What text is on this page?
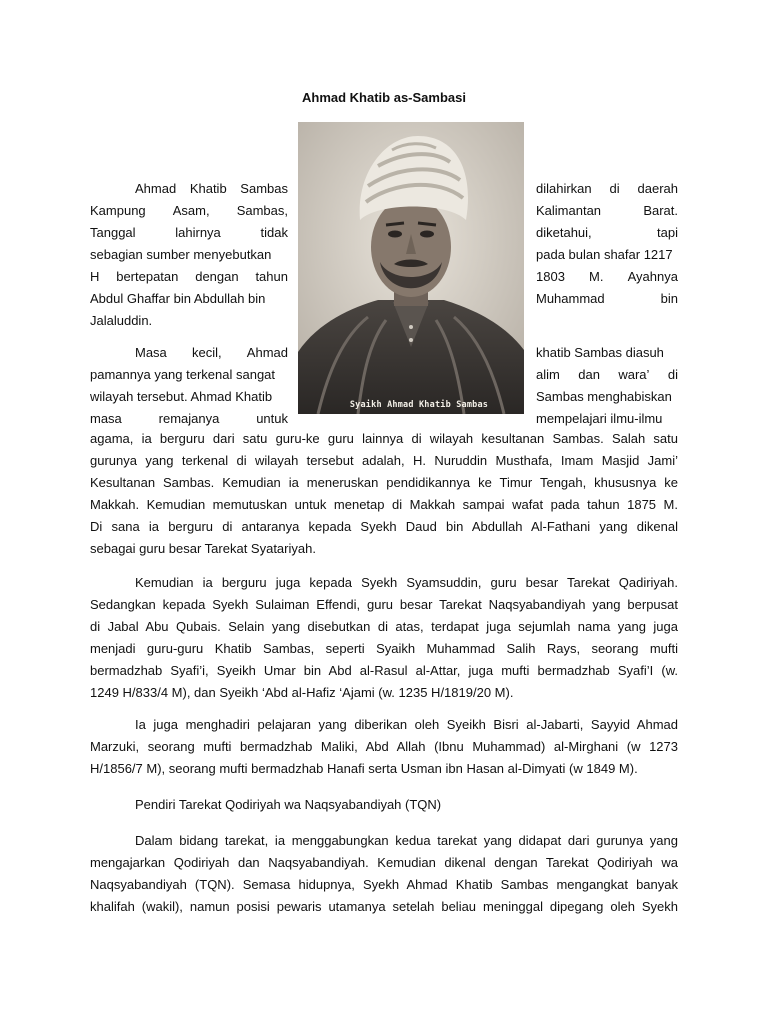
Ahmad Khatib as-Sambasi
Syaikh Ahmad Khatib Sambas
Ahmad Khatib Sambas
Kampung Asam, Sambas,
Tanggal	lahirnya	tidak
sebagian sumber menyebutkan
H bertepatan dengan tahun
Abdul Ghaffar bin Abdullah bin
Jalaluddin.
Masa kecil, Ahmad
pamannya yang terkenal sangat
wilayah tersebut. Ahmad Khatib
masa	remajanya	untuk
dilahirkan di daerah
Kalimantan	Barat.
diketahui,	tapi
pada bulan shafar 1217
1803 M. Ayahnya
Muhammad	bin
khatib Sambas diasuh
alim dan wara’ di
Sambas menghabiskan
mempelajari ilmu-ilmu
agama, ia berguru dari satu guru-ke guru lainnya di wilayah kesultanan Sambas. Salah satu
gurunya yang terkenal di wilayah tersebut adalah, H. Nuruddin Musthafa, Imam Masjid Jami’
Kesultanan Sambas. Kemudian ia meneruskan pendidikannya ke Timur Tengah, khususnya ke
Makkah. Kemudian memutuskan untuk menetap di Makkah sampai wafat pada tahun 1875 M.
Di sana ia berguru di antaranya kepada Syekh Daud bin Abdullah Al-Fathani yang dikenal
sebagai guru besar Tarekat Syatariyah.
Kemudian ia berguru juga kepada Syekh Syamsuddin, guru besar Tarekat Qadiriyah.
Sedangkan kepada Syekh Sulaiman Effendi, guru besar Tarekat Naqsyabandiyah yang berpusat
di Jabal Abu Qubais. Selain yang disebutkan di atas, terdapat juga sejumlah nama yang juga
menjadi guru-guru Khatib Sambas, seperti Syaikh Muhammad Salih Rays, seorang mufti
bermadzhab Syafi’i, Syeikh Umar bin Abd al-Rasul al-Attar, juga mufti bermadzhab Syafi’I (w.
1249 H/833/4 M), dan Syeikh ‘Abd al-Hafiz ‘Ajami (w. 1235 H/1819/20 M).
Ia juga menghadiri pelajaran yang diberikan oleh Syeikh Bisri al-Jabarti, Sayyid Ahmad
Marzuki, seorang mufti bermadzhab Maliki, Abd Allah (Ibnu Muhammad) al-Mirghani (w 1273
H/1856/7 M), seorang mufti bermadzhab Hanafi serta Usman ibn Hasan al-Dimyati (w 1849 M).
Pendiri Tarekat Qodiriyah wa Naqsyabandiyah (TQN)
Dalam bidang tarekat, ia menggabungkan kedua tarekat yang didapat dari gurunya yang
mengajarkan Qodiriyah dan Naqsyabandiyah. Kemudian dikenal dengan Tarekat Qodiriyah wa
Naqsyabandiyah (TQN). Semasa hidupnya, Syekh Ahmad Khatib Sambas mengangkat banyak
khalifah (wakil), namun posisi pewaris utamanya setelah beliau meninggal dipegang oleh Syekh
